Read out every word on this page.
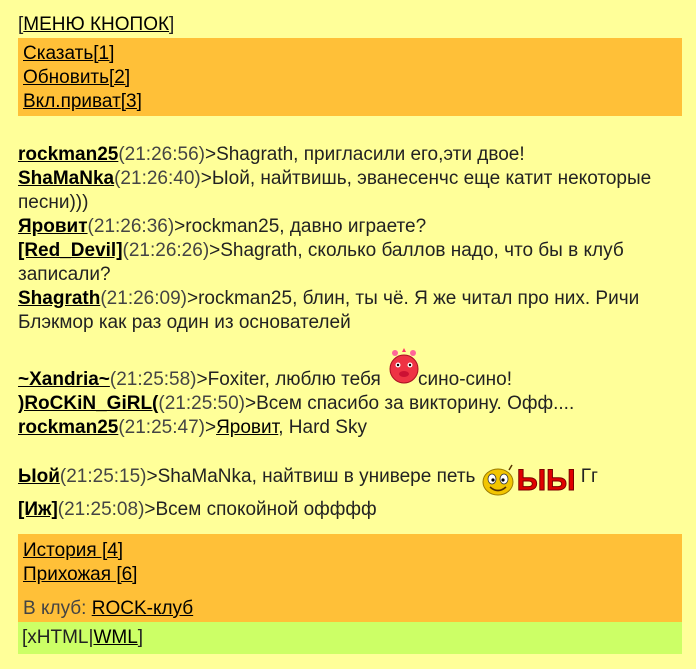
[МЕНЮ КНОПОК]
Сказать[1]
Обновить[2]
Вкл.приват[3]
rockman25(21:26:56)>Shagrath, пригласили его,эти двое!
ShaMaNka(21:26:40)>Ыой, найтвишь, эванесенчс еще катит некоторые песни)))
Яровит(21:26:36)>rockman25, давно играете?
[Red_Devil](21:26:26)>Shagrath, сколько баллов надо, что бы в клуб записали?
Shagrath(21:26:09)>rockman25, блин, ты чё. Я же читал про них. Ричи Блэкмор как раз один из основателей
~Xandria~(21:25:58)>Foxiter, люблю тебя сино-сино!
)RoCKiN_GiRL((21:25:50)>Всем спасибо за викторину. Офф....
rockman25(21:25:47)>Яровит, Hard Sky
Ыой(21:25:15)>ShaMaNka, найтвиш в универе петь ЫЫ Гг
[Иж](21:25:08)>Всем спокойной офффф
История [4]
Прихожая [6]
В клуб: ROCK-клуб
[xHTML|WML]
